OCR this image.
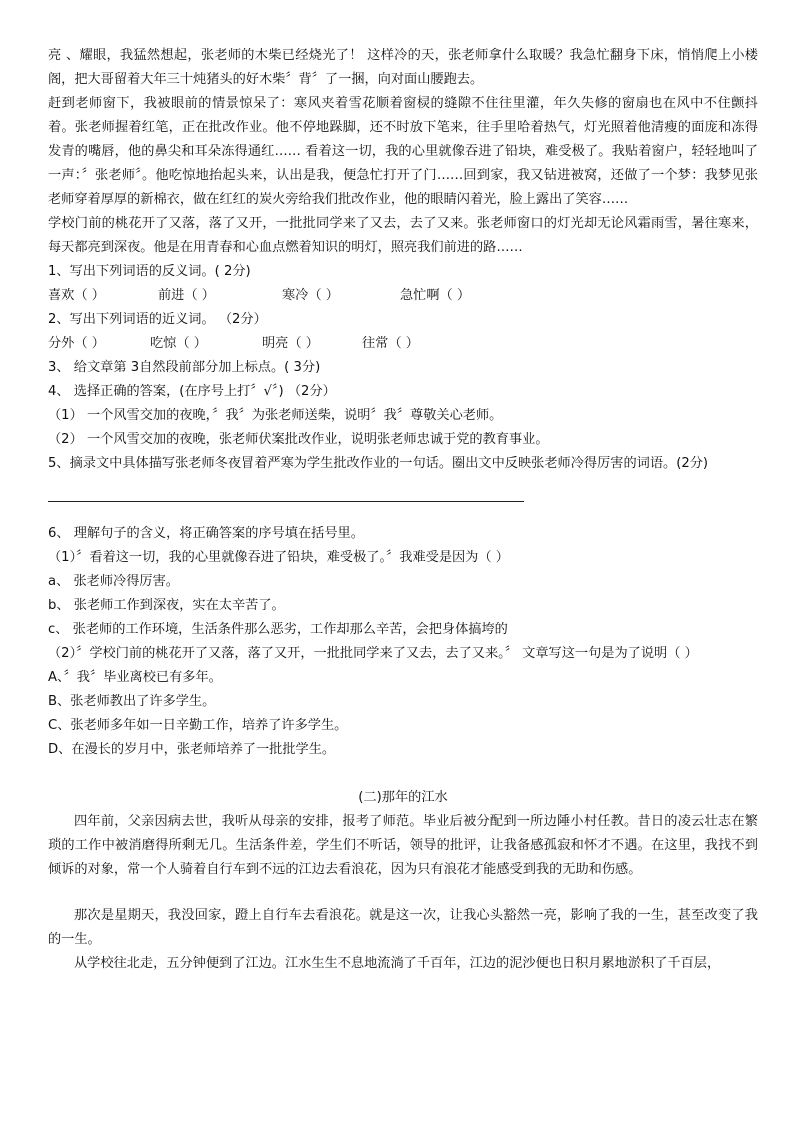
亮 、耀眼，我猛然想起，张老师的木柴已经烧光了！ 这样冷的天，张老师拿什么取暖？我急忙翻身下床，悄悄爬上小楼阁，把大哥留着大年三十炖猪头的好木柴〞背〞了一捆，向对面山腰跑去。

赶到老师窗下，我被眼前的情景惊呆了：寒风夹着雪花顺着窗棂的缝隙不住往里灌，年久失修的窗扇也在风中不住颤抖着。张老师握着红笔，正在批改作业。他不停地跺脚，还不时放下笔来，往手里哈着热气，灯光照着他清瘦的面庞和冻得发青的嘴唇，他的鼻尖和耳朵冻得通红…… 看着这一切，我的心里就像吞进了铅块，难受极了。我贴着窗户，轻轻地叫了一声：〞张老师〞。他吃惊地抬起头来，认出是我，便急忙打开了门……回到家，我又钻进被窝，还做了一个梦：我梦见张老师穿着厚厚的新棉衣，做在红红的炭火旁给我们批改作业，他的眼睛闪着光，脸上露出了笑容……

学校门前的桃花开了又落，落了又开，一批批同学来了又去，去了又来。张老师窗口的灯光却无论风霜雨雪，暑往寒来，每天都亮到深夜。他是在用青春和心血点燃着知识的明灯，照亮我们前进的路……

1、写出下列词语的反义词。( 2分)

喜欢（ ）	前进（ ）	寒冷（ ）	急忙啊（ ）

2、写出下列词语的近义词。 （2分）

分外（ ）	吃惊（ ）	明亮（ ）	往常（ ）

3、 给文章第 3自然段前部分加上标点。( 3分)

4、 选择正确的答案，(在序号上打〞√〞) （2分）

（1） 一个风雪交加的夜晚，〞我〞为张老师送柴，说明〞我〞尊敬关心老师。

（2） 一个风雪交加的夜晚，张老师伏案批改作业，说明张老师忠诚于党的教育事业。

5、摘录文中具体描写张老师冬夜冒着严寒为学生批改作业的一句话。圈出文中反映张老师冷得厉害的词语。(2分)

6、 理解句子的含义，将正确答案的序号填在括号里。

（1）〞看着这一切，我的心里就像吞进了铅块，难受极了。〞我难受是因为（ ）

a、 张老师冷得厉害。

b、 张老师工作到深夜，实在太辛苦了。

c、 张老师的工作环境，生活条件那么恶劣，工作却那么辛苦，会把身体搞垮的

（2）〞学校门前的桃花开了又落，落了又开，一批批同学来了又去，去了又来。〞 文章写这一句是为了说明（ ）

A、〞我〞毕业离校已有多年。

B、张老师教出了许多学生。

C、张老师多年如一日辛勤工作，培养了许多学生。

D、在漫长的岁月中，张老师培养了一批批学生。

(二)那年的江水

四年前，父亲因病去世，我听从母亲的安排，报考了师范。毕业后被分配到一所边陲小村任教。昔日的凌云壮志在繁琐的工作中被消磨得所剩无几。生活条件差，学生们不听话，领导的批评，让我备感孤寂和怀才不遇。在这里，我找不到倾诉的对象，常一个人骑着自行车到不远的江边去看浪花，因为只有浪花才能感受到我的无助和伤感。

那次是星期天，我没回家，蹬上自行车去看浪花。就是这一次，让我心头豁然一亮，影响了我的一生，甚至改变了我的一生。

从学校往北走，五分钟便到了江边。江水生生不息地流淌了千百年，江边的泥沙便也日积月累地淤积了千百层，
